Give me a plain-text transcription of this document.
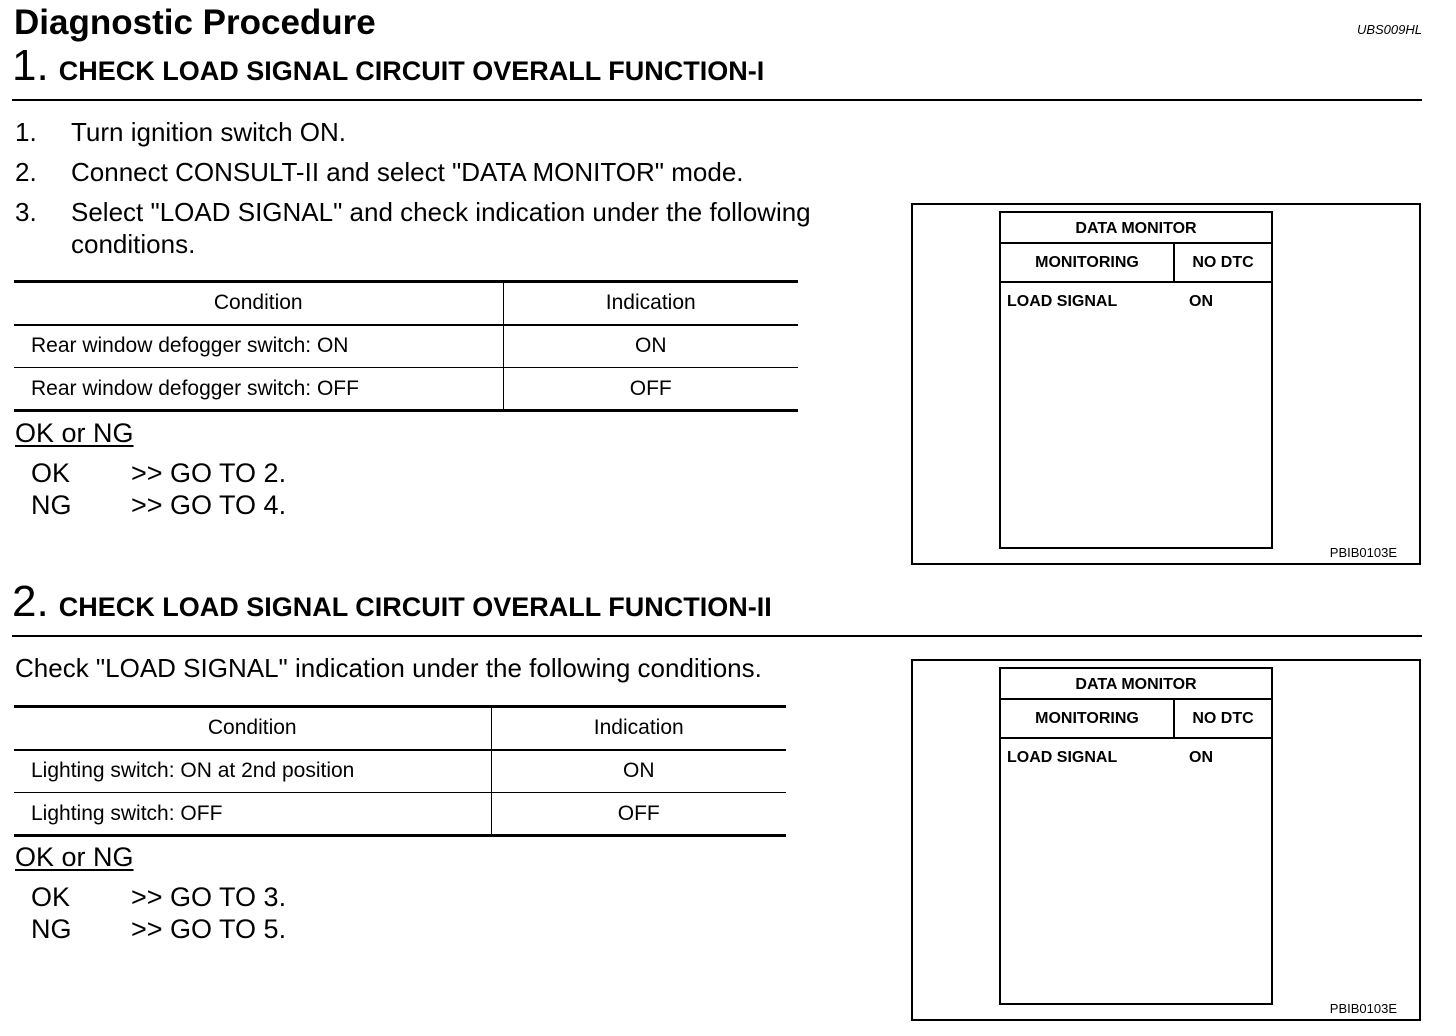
Diagnostic Procedure	UBS009HL
1. CHECK LOAD SIGNAL CIRCUIT OVERALL FUNCTION-I
1. Turn ignition switch ON.
2. Connect CONSULT-II and select "DATA MONITOR" mode.
3. Select "LOAD SIGNAL" and check indication under the following conditions.
Condition	Indication
Rear window defogger switch: ON	ON
Rear window defogger switch: OFF	OFF
OK or NG
OK >> GO TO 2.
NG >> GO TO 4.
DATA MONITOR
MONITORING	NO DTC
LOAD SIGNAL	ON
PBIB0103E
2. CHECK LOAD SIGNAL CIRCUIT OVERALL FUNCTION-II
Check "LOAD SIGNAL" indication under the following conditions.
Condition	Indication
Lighting switch: ON at 2nd position	ON
Lighting switch: OFF	OFF
OK or NG
OK >> GO TO 3.
NG >> GO TO 5.
DATA MONITOR
MONITORING	NO DTC
LOAD SIGNAL	ON
PBIB0103E
